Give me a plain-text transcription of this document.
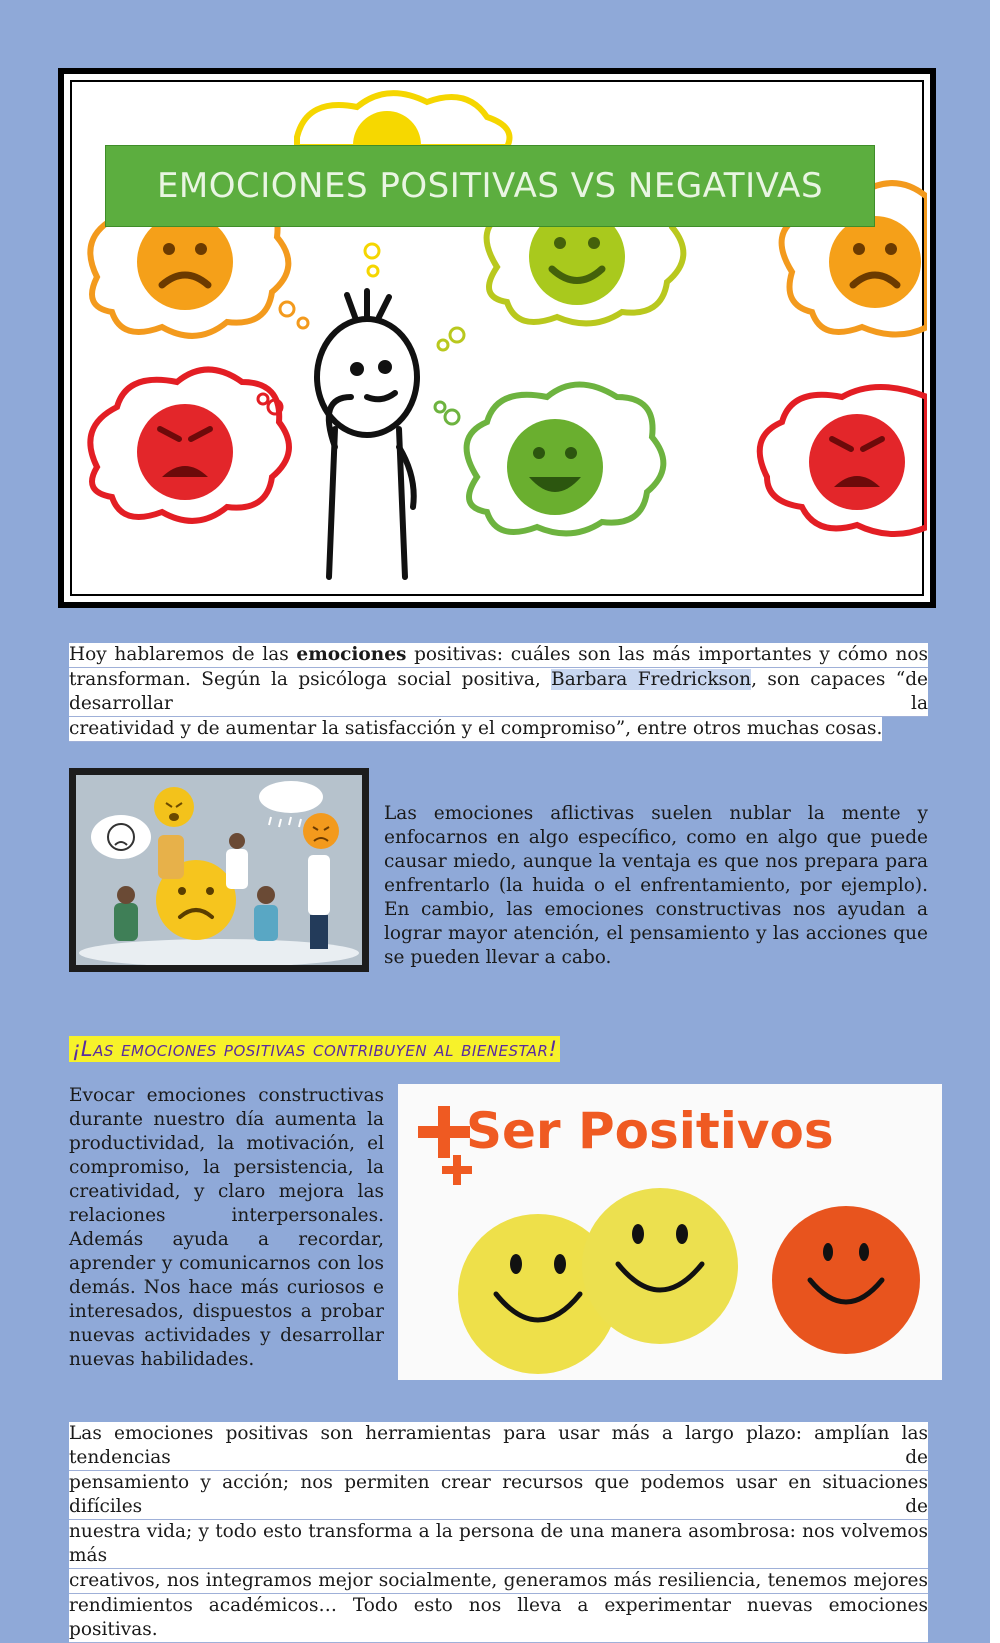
EMOCIONES POSITIVAS VS NEGATIVAS
Hoy hablaremos de las emociones positivas: cuáles son las más importantes y cómo nos
transforman. Según la psicóloga social positiva, Barbara Fredrickson, son capaces “de desarrollar la
creatividad y de aumentar la satisfacción y el compromiso”, entre otros muchas cosas.
Las emociones aflictivas suelen nublar la mente y enfocarnos en algo específico, como en algo que puede causar miedo, aunque la ventaja es que nos prepara para enfrentarlo (la huida o el enfrentamiento, por ejemplo). En cambio, las emociones constructivas nos ayudan a lograr mayor atención, el pensamiento y las acciones que se pueden llevar a cabo.
¡Las emociones positivas contribuyen al bienestar!
Evocar emociones constructivas durante nuestro día aumenta la productividad, la motivación, el compromiso, la persistencia, la creatividad, y claro mejora las relaciones interpersonales. Además ayuda a recordar, aprender y comunicarnos con los demás. Nos hace más curiosos e interesados, dispuestos a probar nuevas actividades y desarrollar nuevas habilidades.
Ser Positivos
Las emociones positivas son herramientas para usar más a largo plazo: amplían las tendencias de
pensamiento y acción; nos permiten crear recursos que podemos usar en situaciones difíciles de
nuestra vida; y todo esto transforma a la persona de una manera asombrosa: nos volvemos más
creativos, nos integramos mejor socialmente, generamos más resiliencia, tenemos mejores
rendimientos académicos… Todo esto nos lleva a experimentar nuevas emociones positivas.
